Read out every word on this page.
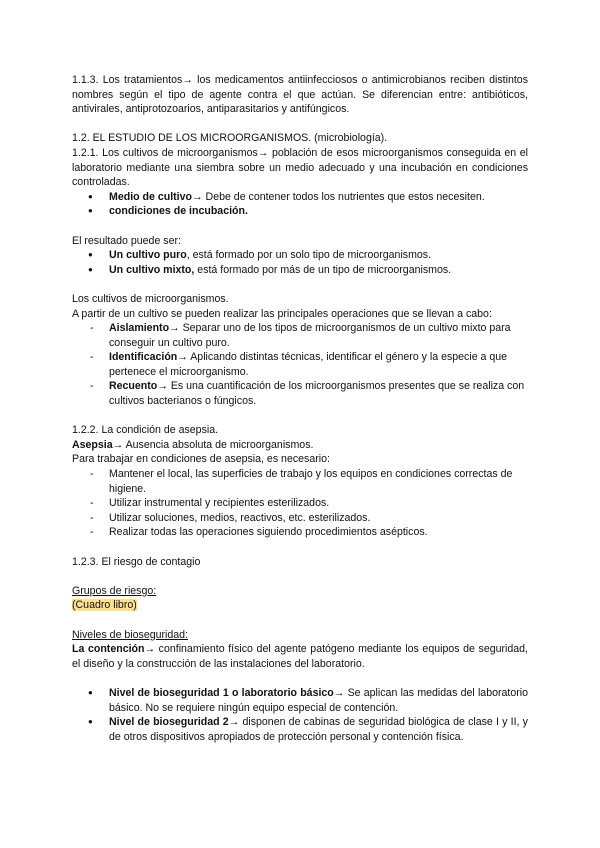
1.1.3. Los tratamientos→ los medicamentos antiinfecciosos o antimicrobianos reciben distintos nombres según el tipo de agente contra el que actúan. Se diferencian entre: antibióticos, antivirales, antiprotozoarios, antiparasitarios y antifúngicos.

1.2. EL ESTUDIO DE LOS MICROORGANISMOS. (microbiología).

1.2.1. Los cultivos de microorganismos→ población de esos microorganismos conseguida en el laboratorio mediante una siembra sobre un medio adecuado y una incubación en condiciones controladas.

● Medio de cultivo→ Debe de contener todos los nutrientes que estos necesiten.
● condiciones de incubación.

El resultado puede ser:

● Un cultivo puro, está formado por un solo tipo de microorganismos.
● Un cultivo mixto, está formado por más de un tipo de microorganismos.

Los cultivos de microorganismos.

A partir de un cultivo se pueden realizar las principales operaciones que se llevan a cabo:

- Aislamiento→ Separar uno de los tipos de microorganismos de un cultivo mixto para conseguir un cultivo puro.
- Identificación→ Aplicando distintas técnicas, identificar el género y la especie a que pertenece el microorganismo.
- Recuento→ Es una cuantificación de los microorganismos presentes que se realiza con cultivos bacterianos o fúngicos.

1.2.2. La condición de asepsia.

Asepsia→ Ausencia absoluta de microorganismos.

Para trabajar en condiciones de asepsia, es necesario:

- Mantener el local, las superficies de trabajo y los equipos en condiciones correctas de higiene.
- Utilizar instrumental y recipientes esterilizados.
- Utilizar soluciones, medios, reactivos, etc. esterilizados.
- Realizar todas las operaciones siguiendo procedimientos asépticos.

1.2.3. El riesgo de contagio

Grupos de riesgo:

(Cuadro libro)

Niveles de bioseguridad:

La contención→ confinamiento físico del agente patógeno mediante los equipos de seguridad, el diseño y la construcción de las instalaciones del laboratorio.

● Nivel de bioseguridad 1 o laboratorio básico→ Se aplican las medidas del laboratorio básico. No se requiere ningún equipo especial de contención.
● Nivel de bioseguridad 2→ disponen de cabinas de seguridad biológica de clase I y II, y de otros dispositivos apropiados de protección personal y contención física.
